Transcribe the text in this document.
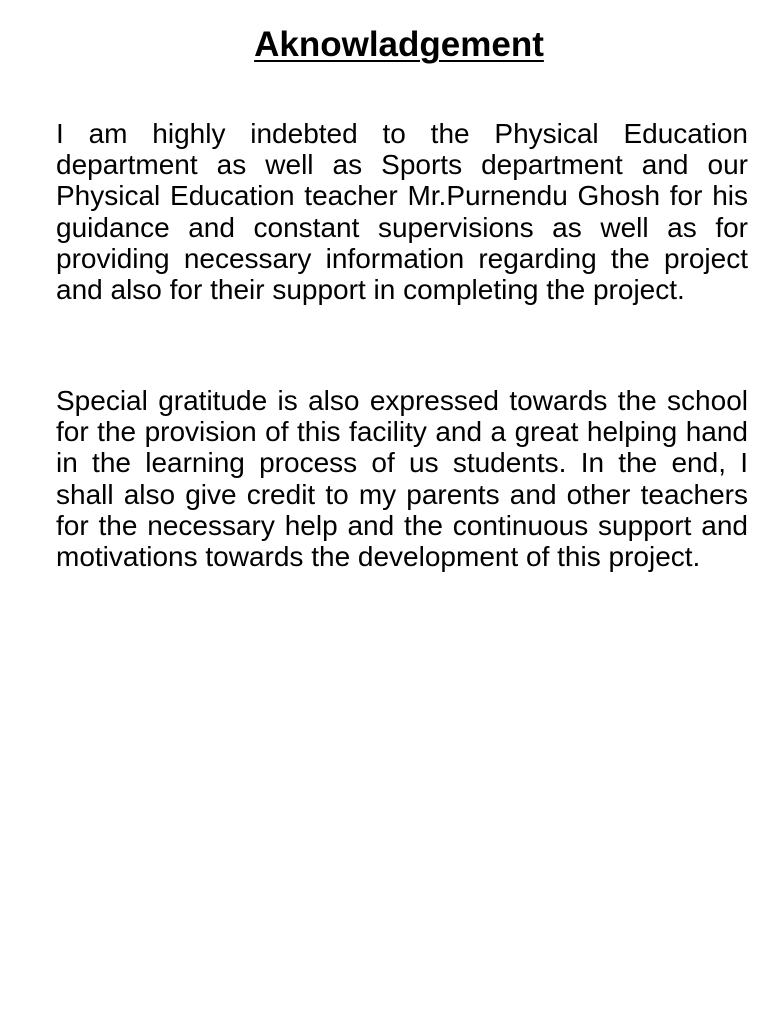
Aknowladgement

I am highly indebted to the Physical Education department as well as Sports department and our Physical Education teacher Mr.Purnendu Ghosh for his guidance and constant supervisions as well as for providing necessary information regarding the project and also for their support in completing the project.

Special gratitude is also expressed towards the school for the provision of this facility and a great helping hand in the learning process of us students. In the end, I shall also give credit to my parents and other teachers for the necessary help and the continuous support and motivations towards the development of this project.
